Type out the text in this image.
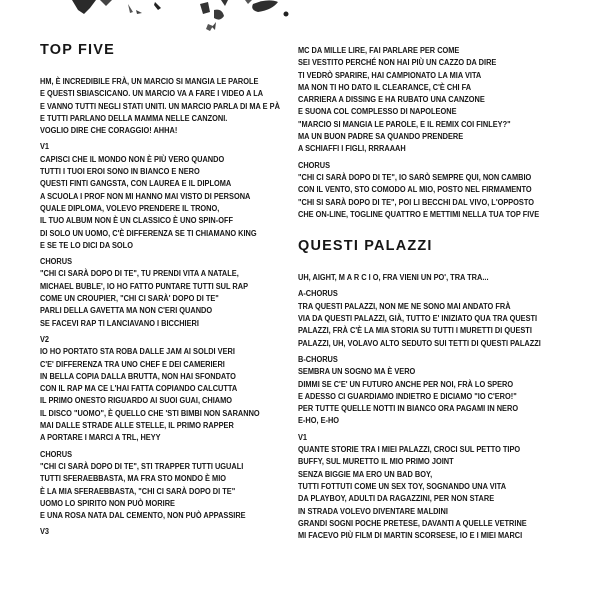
TOP FIVE
HM, È INCREDIBILE FRÀ, UN MARCIO SI MANGIA LE PAROLE
E QUESTI SBIASCICANO. UN MARCIO VA A FARE I VIDEO A LA
E VANNO TUTTI NEGLI STATI UNITI. UN MARCIO PARLA DI MA E PÀ
E TUTTI PARLANO DELLA MAMMA NELLE CANZONI.
VOGLIO DIRE CHE CORAGGIO! AHHA!
V1
CAPISCI CHE IL MONDO NON È PIÙ VERO QUANDO
TUTTI I TUOI EROI SONO IN BIANCO E NERO
QUESTI FINTI GANGSTA, CON LAUREA E IL DIPLOMA
A SCUOLA I PROF NON MI HANNO MAI VISTO DI PERSONA
QUALE DIPLOMA, VOLEVO PRENDERE IL TRONO,
IL TUO ALBUM NON È UN CLASSICO È UNO SPIN-OFF
DI SOLO UN UOMO, C'È DIFFERENZA SE TI CHIAMANO KING
E SE TE LO DICI DA SOLO
CHORUS
"CHI CI SARÀ DOPO DI TE", TU PRENDI VITA A NATALE,
MICHAEL BUBLE', IO HO FATTO PUNTARE TUTTI SUL RAP
COME UN CROUPIER, "CHI CI SARÀ' DOPO DI TE"
PARLI DELLA GAVETTA MA NON C'ERI QUANDO
SE FACEVI RAP TI LANCIAVANO I BICCHIERI
V2
IO HO PORTATO STA ROBA DALLE JAM AI SOLDI VERI
C'E' DIFFERENZA TRA UNO CHEF E DEI CAMERIERI
IN BELLA COPIA DALLA BRUTTA, NON HAI SFONDATO
CON IL RAP MA CE L'HAI FATTA COPIANDO CALCUTTA
IL PRIMO ONESTO RIGUARDO AI SUOI GUAI, CHIAMO
IL DISCO "UOMO", È QUELLO CHE 'STI BIMBI NON SARANNO
MAI DALLE STRADE ALLE STELLE, IL PRIMO RAPPER
A PORTARE I MARCI A TRL, HEYY
CHORUS
"CHI CI SARÀ DOPO DI TE", STI TRAPPER TUTTI UGUALI
TUTTI SFERAEBBASTA, MA FRA STO MONDO È MIO
È LA MIA SFERAEBBASTA, "CHI CI SARÀ DOPO DI TE"
UOMO LO SPIRITO NON PUÒ MORIRE
E UNA ROSA NATA DAL CEMENTO, NON PUÒ APPASSIRE
V3
MC DA MILLE LIRE, FAI PARLARE PER COME
SEI VESTITO PERCHÉ NON HAI PIÙ UN CAZZO DA DIRE
TI VEDRÒ SPARIRE, HAI CAMPIONATO LA MIA VITA
MA NON TI HO DATO IL CLEARANCE, C'È CHI FA
CARRIERA A DISSING E HA RUBATO UNA CANZONE
E SUONA COL COMPLESSO DI NAPOLEONE
"MARCIO SI MANGIA LE PAROLE, E IL REMIX COI FINLEY?"
MA UN BUON PADRE SA QUANDO PRENDERE
A SCHIAFFI I FIGLI, RRRAAAH
CHORUS
"CHI CI SARÀ DOPO DI TE", IO SARÒ SEMPRE QUI, NON CAMBIO
CON IL VENTO, STO COMODO AL MIO, POSTO NEL FIRMAMENTO
"CHI SI SARÀ DOPO DI TE", POI LI BECCHI DAL VIVO, L'OPPOSTO
CHE ON-LINE, TOGLINE QUATTRO E METTIMI NELLA TUA TOP FIVE
QUESTI PALAZZI
UH, AIGHT, M A R C I O, FRA VIENI UN PO', TRA TRA...
A-CHORUS
TRA QUESTI PALAZZI, NON ME NE SONO MAI ANDATO FRÀ
VIA DA QUESTI PALAZZI, GIÀ, TUTTO E' INIZIATO QUA TRA QUESTI
PALAZZI, FRÀ C'È LA MIA STORIA SU TUTTI I MURETTI DI QUESTI
PALAZZI, UH, VOLAVO ALTO SEDUTO SUI TETTI DI QUESTI PALAZZI
B-CHORUS
SEMBRA UN SOGNO MA È VERO
DIMMI SE C'E' UN FUTURO ANCHE PER NOI, FRÀ LO SPERO
E ADESSO CI GUARDIAMO INDIETRO E DICIAMO "IO C'ERO!"
PER TUTTE QUELLE NOTTI IN BIANCO ORA PAGAMI IN NERO
E-HO, E-HO
V1
QUANTE STORIE TRA I MIEI PALAZZI, CROCI SUL PETTO TIPO
BUFFY, SUL MURETTO IL MIO PRIMO JOINT
SENZA BIGGIE MA ERO UN BAD BOY,
TUTTI FOTTUTI COME UN SEX TOY, SOGNANDO UNA VITA
DA PLAYBOY, ADULTI DA RAGAZZINI, PER NON STARE
IN STRADA VOLEVO DIVENTARE MALDINI
GRANDI SOGNI POCHE PRETESE, DAVANTI A QUELLE VETRINE
MI FACEVO PIÙ FILM DI MARTIN SCORSESE, IO E I MIEI MARCI
